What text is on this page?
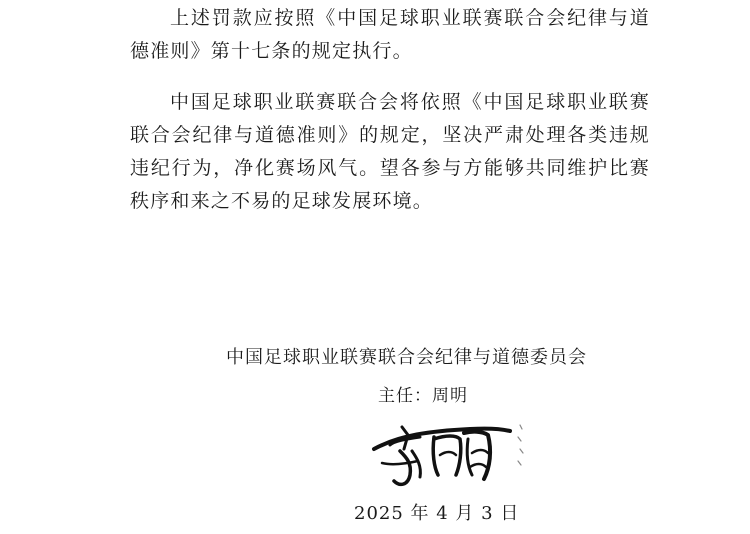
上述罚款应按照《中国足球职业联赛联合会纪律与道德准则》第十七条的规定执行。

中国足球职业联赛联合会将依照《中国足球职业联赛联合会纪律与道德准则》的规定，坚决严肃处理各类违规违纪行为，净化赛场风气。望各参与方能够共同维护比赛秩序和来之不易的足球发展环境。

中国足球职业联赛联合会纪律与道德委员会
主任：周明
2025 年 4 月 3 日
